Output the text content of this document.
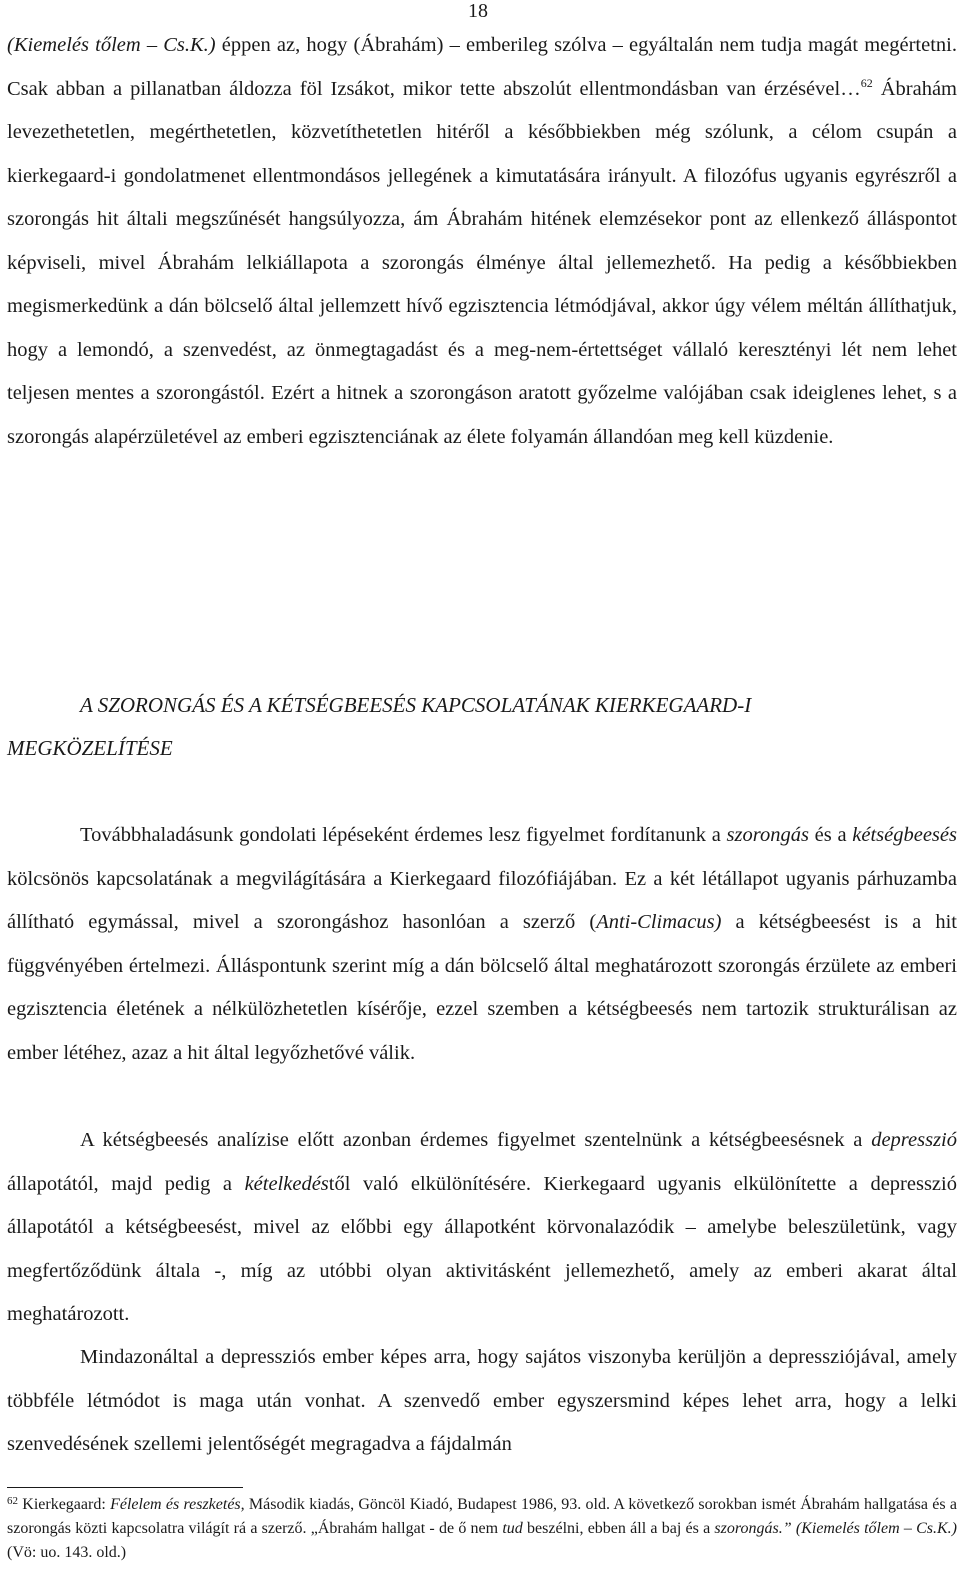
18

(Kiemelés tőlem – Cs.K.) éppen az, hogy (Ábrahám) – emberileg szólva – egyáltalán nem tudja magát megértetni. Csak abban a pillanatban áldozza föl Izsákot, mikor tette abszolút ellentmondásban van érzésével…$^{62}$ Ábrahám levezethetetlen, megérthetetlen, közvetíthetetlen hitéről a későbbiekben még szólunk, a célom csupán a kierkegaard-i gondolatmenet ellentmondásos jellegének a kimutatására irányult. A filozófus ugyanis egyrészről a szorongás hit általi megszűnését hangsúlyozza, ám Ábrahám hitének elemzésekor pont az ellenkező álláspontot képviseli, mivel Ábrahám lelkiállapota a szorongás élménye által jellemezhető. Ha pedig a későbbiekben megismerkedünk a dán bölcselő által jellemzett hívő egzisztencia létmódjával, akkor úgy vélem méltán állíthatjuk, hogy a lemondó, a szenvedést, az önmegtagadást és a meg-nem-értettséget vállaló keresztényi lét nem lehet teljesen mentes a szorongástól. Ezért a hitnek a szorongáson aratott győzelme valójában csak ideiglenes lehet, s a szorongás alapérzületével az emberi egzisztenciának az élete folyamán állandóan meg kell küzdenie.

A SZORONGÁS ÉS A KÉTSÉGBEESÉS KAPCSOLATÁNAK KIERKEGAARD-I
MEGKÖZELÍTÉSE

Továbbhaladásunk gondolati lépéseként érdemes lesz figyelmet fordítanunk a szorongás és a kétségbeesés kölcsönös kapcsolatának a megvilágítására a Kierkegaard filozófiájában. Ez a két létállapot ugyanis párhuzamba állítható egymással, mivel a szorongáshoz hasonlóan a szerző (Anti-Climacus) a kétségbeesést is a hit függvényében értelmezi. Álláspontunk szerint míg a dán bölcselő által meghatározott szorongás érzülete az emberi egzisztencia életének a nélkülözhetetlen kísérője, ezzel szemben a kétségbeesés nem tartozik strukturálisan az ember létéhez, azaz a hit által legyőzhetővé válik.

A kétségbeesés analízise előtt azonban érdemes figyelmet szentelnünk a kétségbeesésnek a depresszió állapotától, majd pedig a kételkedéstől való elkülönítésére. Kierkegaard ugyanis elkülönítette a depresszió állapotától a kétségbeesést, mivel az előbbi egy állapotként körvonalazódik – amelybe beleszületünk, vagy megfertőződünk általa -, míg az utóbbi olyan aktivitásként jellemezhető, amely az emberi akarat által meghatározott.

Mindazonáltal a depressziós ember képes arra, hogy sajátos viszonyba kerüljön a depressziójával, amely többféle létmódot is maga után vonhat. A szenvedő ember egyszersmind képes lehet arra, hogy a lelki szenvedésének szellemi jelentőségét megragadva a fájdalmán

$^{62}$ Kierkegaard: Félelem és reszketés, Második kiadás, Göncöl Kiadó, Budapest 1986, 93. old. A következő sorokban ismét Ábrahám hallgatása és a szorongás közti kapcsolatra világít rá a szerző. „Ábrahám hallgat - de ő nem tud beszélni, ebben áll a baj és a szorongás.” (Kiemelés tőlem – Cs.K.) (Vö: uo. 143. old.)
